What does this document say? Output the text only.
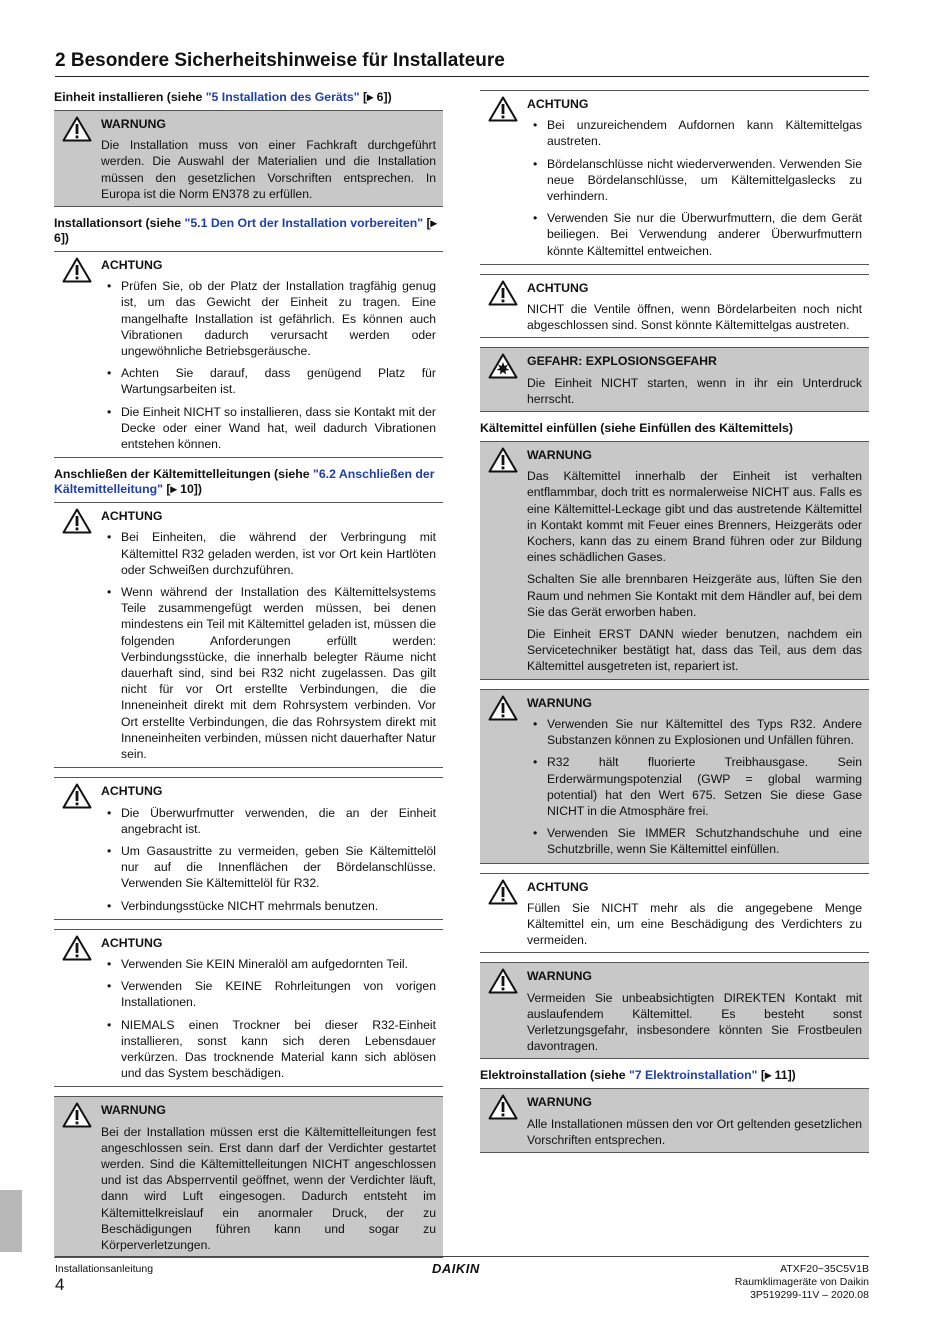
2 Besondere Sicherheitshinweise für Installateure
Einheit installieren (siehe "5 Installation des Geräts" [▸ 6])
WARNUNG

Die Installation muss von einer Fachkraft durchgeführt werden. Die Auswahl der Materialien und die Installation müssen den gesetzlichen Vorschriften entsprechen. In Europa ist die Norm EN378 zu erfüllen.

Installationsort (siehe "5.1 Den Ort der Installation vorbereiten" [▸ 6])
ACHTUNG
• Prüfen Sie, ob der Platz der Installation tragfähig genug ist, um das Gewicht der Einheit zu tragen. Eine mangelhafte Installation ist gefährlich. Es können auch Vibrationen dadurch verursacht werden oder ungewöhnliche Betriebsgeräusche.
• Achten Sie darauf, dass genügend Platz für Wartungsarbeiten ist.
• Die Einheit NICHT so installieren, dass sie Kontakt mit der Decke oder einer Wand hat, weil dadurch Vibrationen entstehen können.
Anschließen der Kältemittelleitungen (siehe "6.2 Anschließen der Kältemittelleitung" [▸ 10])
ACHTUNG
• Bei Einheiten, die während der Verbringung mit Kältemittel R32 geladen werden, ist vor Ort kein Hartlöten oder Schweißen durchzuführen.
• Wenn während der Installation des Kältemittelsystems Teile zusammengefügt werden müssen, bei denen mindestens ein Teil mit Kältemittel geladen ist, müssen die folgenden Anforderungen erfüllt werden: Verbindungsstücke, die innerhalb belegter Räume nicht dauerhaft sind, sind bei R32 nicht zugelassen. Das gilt nicht für vor Ort erstellte Verbindungen, die die Inneneinheit direkt mit dem Rohrsystem verbinden. Vor Ort erstellte Verbindungen, die das Rohrsystem direkt mit Inneneinheiten verbinden, müssen nicht dauerhafter Natur sein.
ACHTUNG
• Die Überwurfmutter verwenden, die an der Einheit angebracht ist.
• Um Gasaustritte zu vermeiden, geben Sie Kältemittelöl nur auf die Innenflächen der Bördelanschlüsse. Verwenden Sie Kältemittelöl für R32.
• Verbindungsstücke NICHT mehrmals benutzen.
ACHTUNG
• Verwenden Sie KEIN Mineralöl am aufgedornten Teil.
• Verwenden Sie KEINE Rohrleitungen von vorigen Installationen.
• NIEMALS einen Trockner bei dieser R32-Einheit installieren, sonst kann sich deren Lebensdauer verkürzen. Das trocknende Material kann sich ablösen und das System beschädigen.
WARNUNG

Bei der Installation müssen erst die Kältemittelleitungen fest angeschlossen sein. Erst dann darf der Verdichter gestartet werden. Sind die Kältemittelleitungen NICHT angeschlossen und ist das Absperrventil geöffnet, wenn der Verdichter läuft, dann wird Luft eingesogen. Dadurch entsteht im Kältemittelkreislauf ein anormaler Druck, der zu Beschädigungen führen kann und sogar zu Körperverletzungen.

ACHTUNG
• Bei unzureichendem Aufdornen kann Kältemittelgas austreten.
• Bördelanschlüsse nicht wiederverwenden. Verwenden Sie neue Bördelanschlüsse, um Kältemittelgaslecks zu verhindern.
• Verwenden Sie nur die Überwurfmuttern, die dem Gerät beiliegen. Bei Verwendung anderer Überwurfmuttern könnte Kältemittel entweichen.
ACHTUNG

NICHT die Ventile öffnen, wenn Bördelarbeiten noch nicht abgeschlossen sind. Sonst könnte Kältemittelgas austreten.

GEFAHR: EXPLOSIONSGEFAHR

Die Einheit NICHT starten, wenn in ihr ein Unterdruck herrscht.

Kältemittel einfüllen (siehe Einfüllen des Kältemittels)
WARNUNG

Das Kältemittel innerhalb der Einheit ist verhalten entflammbar, doch tritt es normalerweise NICHT aus. Falls es eine Kältemittel-Leckage gibt und das austretende Kältemittel in Kontakt kommt mit Feuer eines Brenners, Heizgeräts oder Kochers, kann das zu einem Brand führen oder zur Bildung eines schädlichen Gases.

Schalten Sie alle brennbaren Heizgeräte aus, lüften Sie den Raum und nehmen Sie Kontakt mit dem Händler auf, bei dem Sie das Gerät erworben haben.

Die Einheit ERST DANN wieder benutzen, nachdem ein Servicetechniker bestätigt hat, dass das Teil, aus dem das Kältemittel ausgetreten ist, repariert ist.

WARNUNG
• Verwenden Sie nur Kältemittel des Typs R32. Andere Substanzen können zu Explosionen und Unfällen führen.
• R32 hält fluorierte Treibhausgase. Sein Erderwärmungspotenzial (GWP = global warming potential) hat den Wert 675. Setzen Sie diese Gase NICHT in die Atmosphäre frei.
• Verwenden Sie IMMER Schutzhandschuhe und eine Schutzbrille, wenn Sie Kältemittel einfüllen.
ACHTUNG

Füllen Sie NICHT mehr als die angegebene Menge Kältemittel ein, um eine Beschädigung des Verdichters zu vermeiden.

WARNUNG

Vermeiden Sie unbeabsichtigten DIREKTEN Kontakt mit auslaufendem Kältemittel. Es besteht sonst Verletzungsgefahr, insbesondere könnten Sie Frostbeulen davontragen.

Elektroinstallation (siehe "7 Elektroinstallation" [▸ 11])
WARNUNG

Alle Installationen müssen den vor Ort geltenden gesetzlichen Vorschriften entsprechen.

Installationsanleitung
4
DAIKIN	ATXF20~35C5V1B
Raumklimageräte von Daikin
3P519299-11V – 2020.08
